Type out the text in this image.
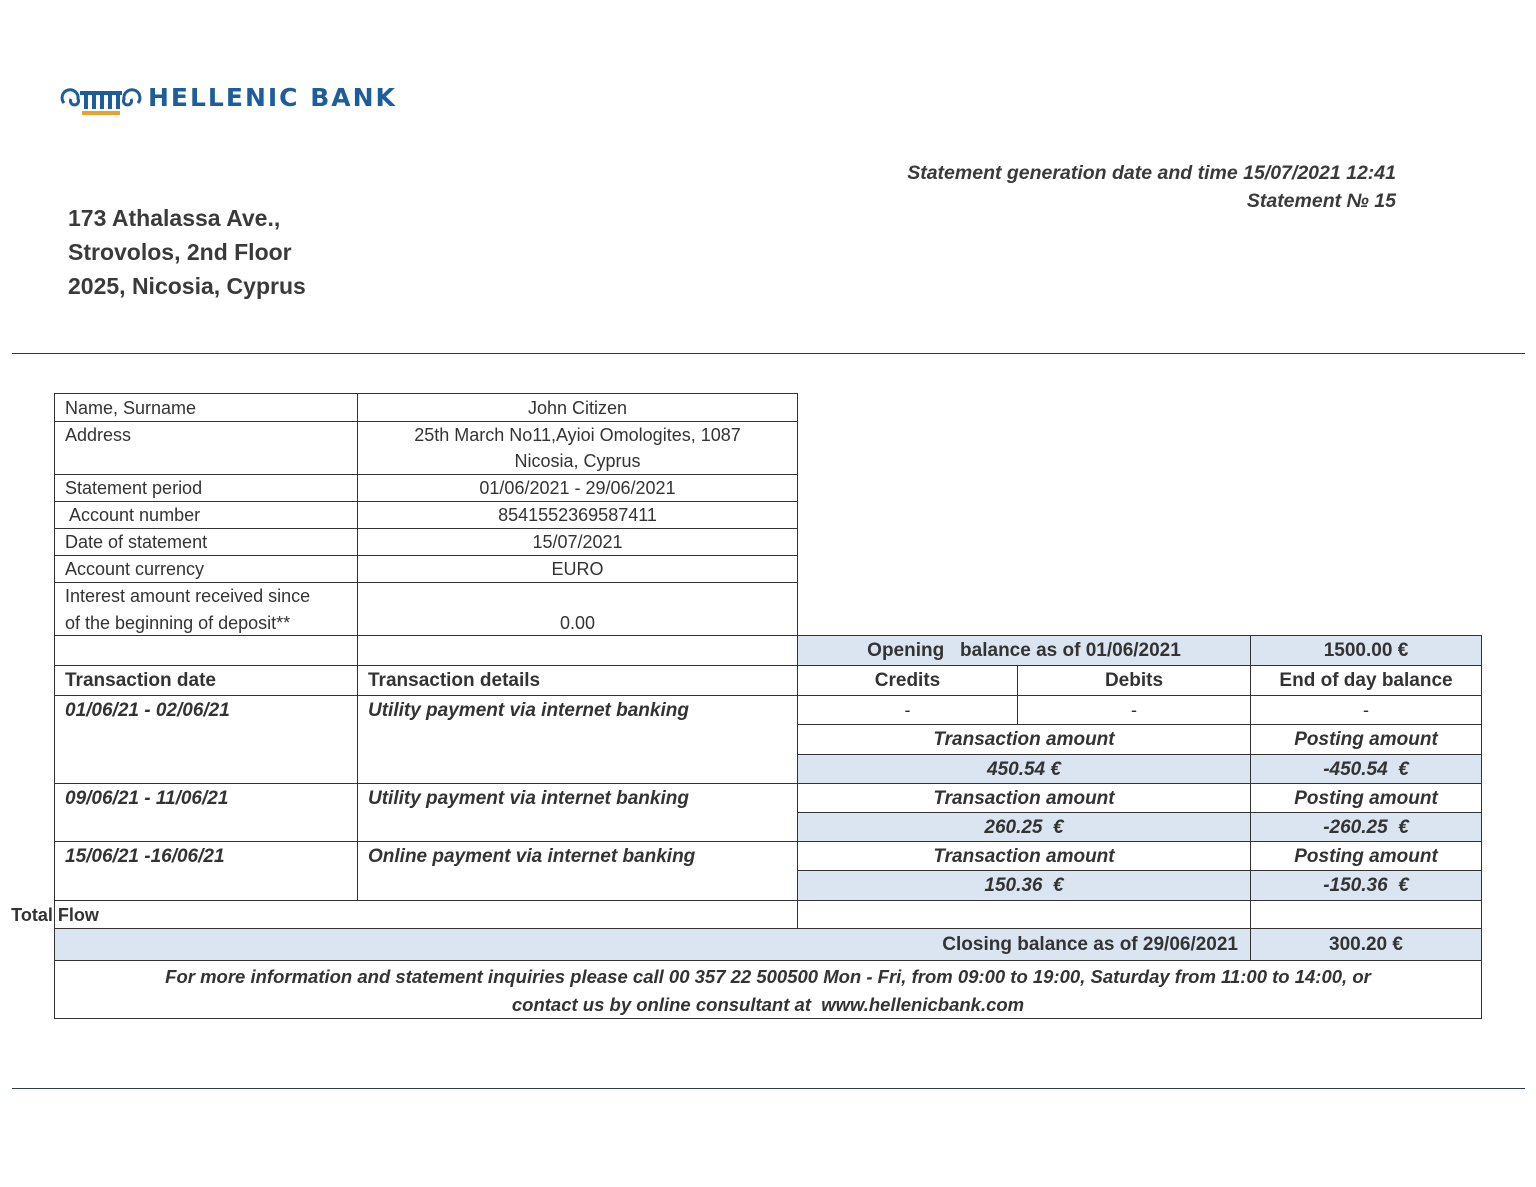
HELLENIC BANK
Statement generation date and time 15/07/2021 12:41
Statement № 15
173 Athalassa Ave.,
Strovolos, 2nd Floor
2025, Nicosia, Cyprus
Name, Surname	John Citizen
Address	25th March No11,Ayioi Omologites, 1087
Nicosia, Cyprus
Statement period	01/06/2021 - 29/06/2021
Account number	8541552369587411
Date of statement	15/07/2021
Account currency	EURO
Interest amount received since
of the beginning of deposit**	0.00
Opening   balance as of 01/06/2021	1500.00 €
Transaction date	Transaction details	Credits	Debits	End of day balance
01/06/21 - 02/06/21	Utility payment via internet banking	-	-	-
Transaction amount	Posting amount
450.54 €	-450.54  €
09/06/21 - 11/06/21	Utility payment via internet banking	Transaction amount	Posting amount
260.25  €	-260.25  €
15/06/21 -16/06/21	Online payment via internet banking	Transaction amount	Posting amount
150.36  €	-150.36  €
Total Flow
Closing balance as of 29/06/2021	300.20 €
For more information and statement inquiries please call 00 357 22 500500 Mon - Fri, from 09:00 to 19:00, Saturday from 11:00 to 14:00, or
contact us by online consultant at  www.hellenicbank.com
